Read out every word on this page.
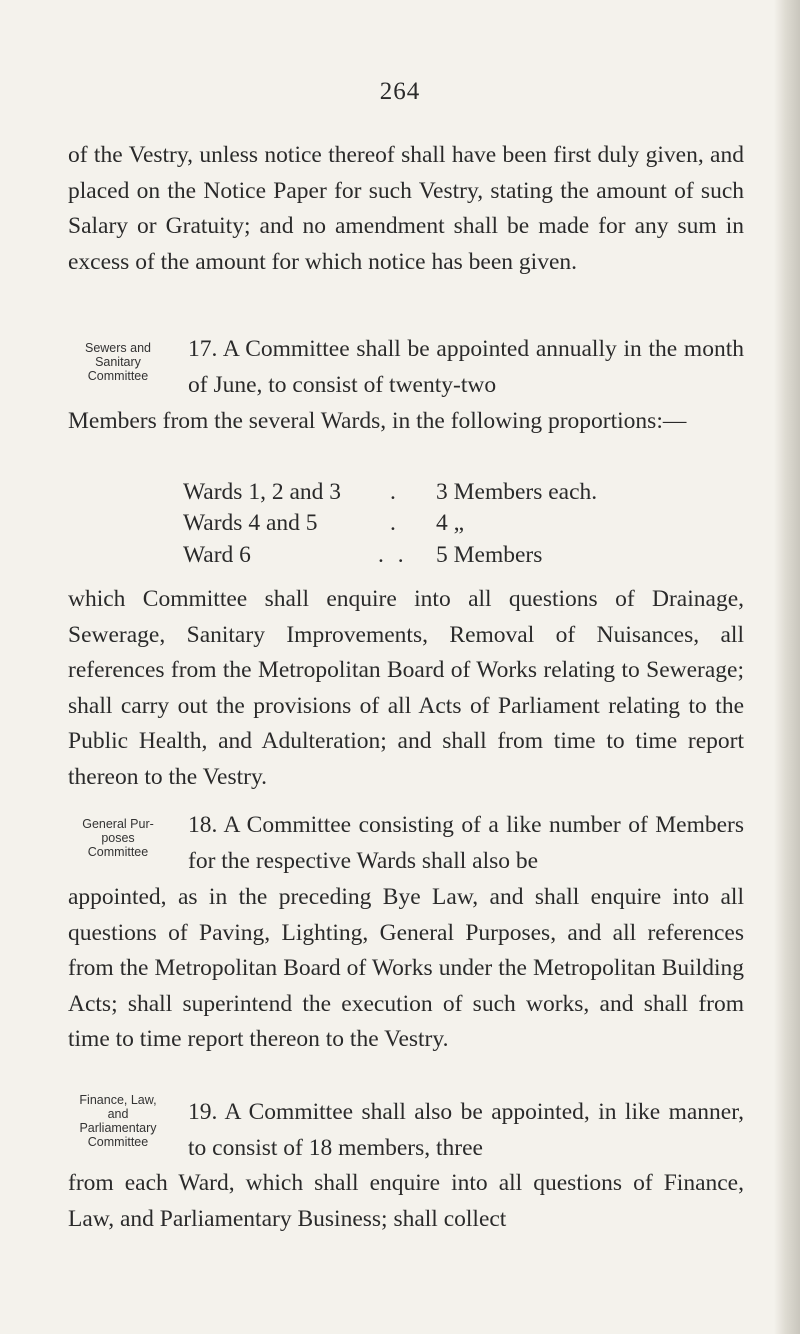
264

of the Vestry, unless notice thereof shall have been first duly given, and placed on the Notice Paper for such Vestry, stating the amount of such Salary or Gratuity; and no amendment shall be made for any sum in excess of the amount for which notice has been given.

Sewers and
Sanitary
Committee

17. A Committee shall be appointed annually in the month of June, to consist of twenty-two

Members from the several Wards, in the following proportions:—

Wards 1, 2 and 3 . 3 Members each.
Wards 4 and 5	. 4 „
Ward 6	. . 5 Members

which Committee shall enquire into all questions of Drainage, Sewerage, Sanitary Improvements, Removal of Nuisances, all references from the Metropolitan Board of Works relating to Sewerage; shall carry out the provisions of all Acts of Parliament relating to the Public Health, and Adulteration; and shall from time to time report thereon to the Vestry.

General Pur-
poses
Committee

18. A Committee consisting of a like number of Members for the respective Wards shall also be

appointed, as in the preceding Bye Law, and shall enquire into all questions of Paving, Lighting, General Purposes, and all references from the Metropolitan Board of Works under the Metropolitan Building Acts; shall superintend the execution of such works, and shall from time to time report thereon to the Vestry.

Finance, Law,
and
Parliamentary
Committee

19. A Committee shall also be appointed, in like manner, to consist of 18 members, three

from each Ward, which shall enquire into all questions of Finance, Law, and Parliamentary Business; shall collect
